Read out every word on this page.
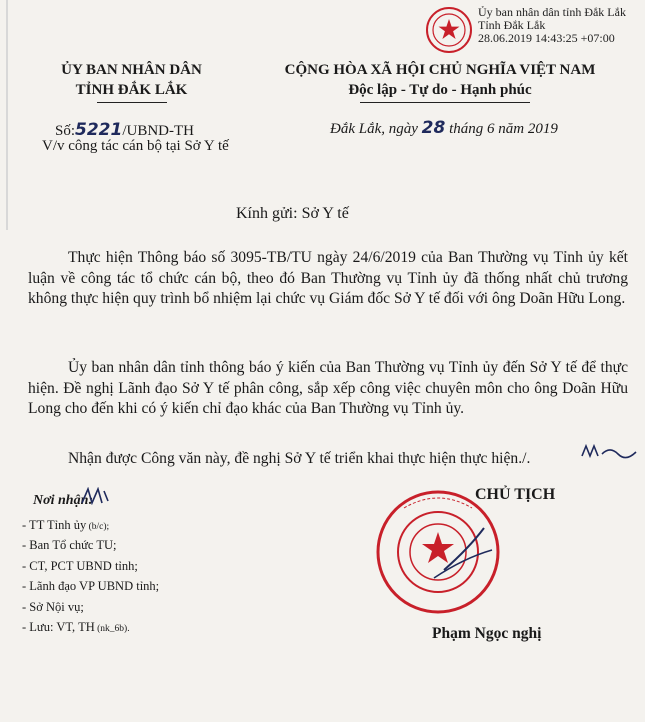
Ủy ban nhân dân tỉnh Đắk Lắk
Tỉnh Đắk Lắk
28.06.2019 14:43:25 +07:00
ỦY BAN NHÂN DÂN
TỈNH ĐẮK LẮK
CỘNG HÒA XÃ HỘI CHỦ NGHĨA VIỆT NAM
Độc lập - Tự do - Hạnh phúc
Số:5221/UBND-TH
V/v công tác cán bộ tại Sở Y tế
Đắk Lắk, ngày 28 tháng 6 năm 2019
Kính gửi: Sở Y tế
Thực hiện Thông báo số 3095-TB/TU ngày 24/6/2019 của Ban Thường vụ Tỉnh ủy kết luận về công tác tổ chức cán bộ, theo đó Ban Thường vụ Tỉnh ủy đã thống nhất chủ trương không thực hiện quy trình bổ nhiệm lại chức vụ Giám đốc Sở Y tế đối với ông Doãn Hữu Long.
Ủy ban nhân dân tỉnh thông báo ý kiến của Ban Thường vụ Tỉnh ủy đến Sở Y tế để thực hiện. Đề nghị Lãnh đạo Sở Y tế phân công, sắp xếp công việc chuyên môn cho ông Doãn Hữu Long cho đến khi có ý kiến chỉ đạo khác của Ban Thường vụ Tỉnh ủy.
Nhận được Công văn này, đề nghị Sở Y tế triển khai thực hiện thực hiện./.
Nơi nhận:
- TT Tỉnh ủy (b/c);
- Ban Tổ chức TU;
- CT, PCT UBND tỉnh;
- Lãnh đạo VP UBND tỉnh;
- Sở Nội vụ;
- Lưu: VT, TH (nk_6b).
CHỦ TỊCH
Phạm Ngọc nghị
